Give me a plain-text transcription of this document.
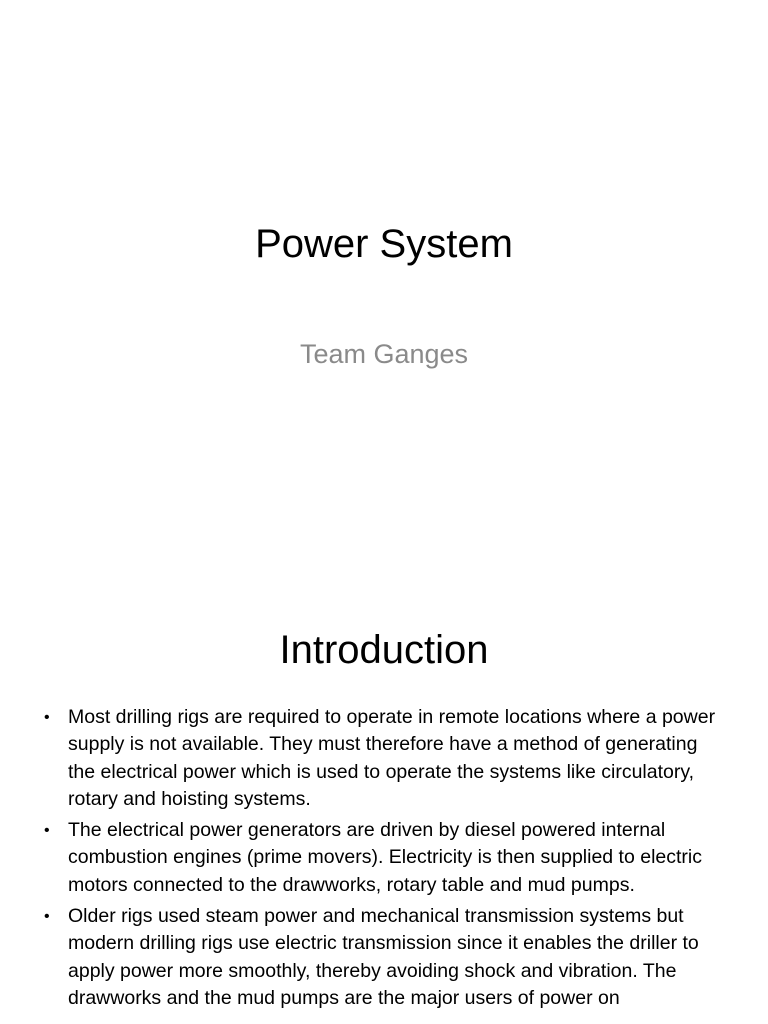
Power System
Team Ganges
Introduction
• Most drilling rigs are required to operate in remote locations where a power supply is not available. They must therefore have a method of generating the electrical power which is used to operate the systems like circulatory, rotary and hoisting systems.
• The electrical power generators are driven by diesel powered internal combustion engines (prime movers). Electricity is then supplied to electric motors connected to the drawworks, rotary table and mud pumps.
• Older rigs used steam power and mechanical transmission systems but modern drilling rigs use electric transmission since it enables the driller to apply power more smoothly, thereby avoiding shock and vibration. The drawworks and the mud pumps are the major users of power on
